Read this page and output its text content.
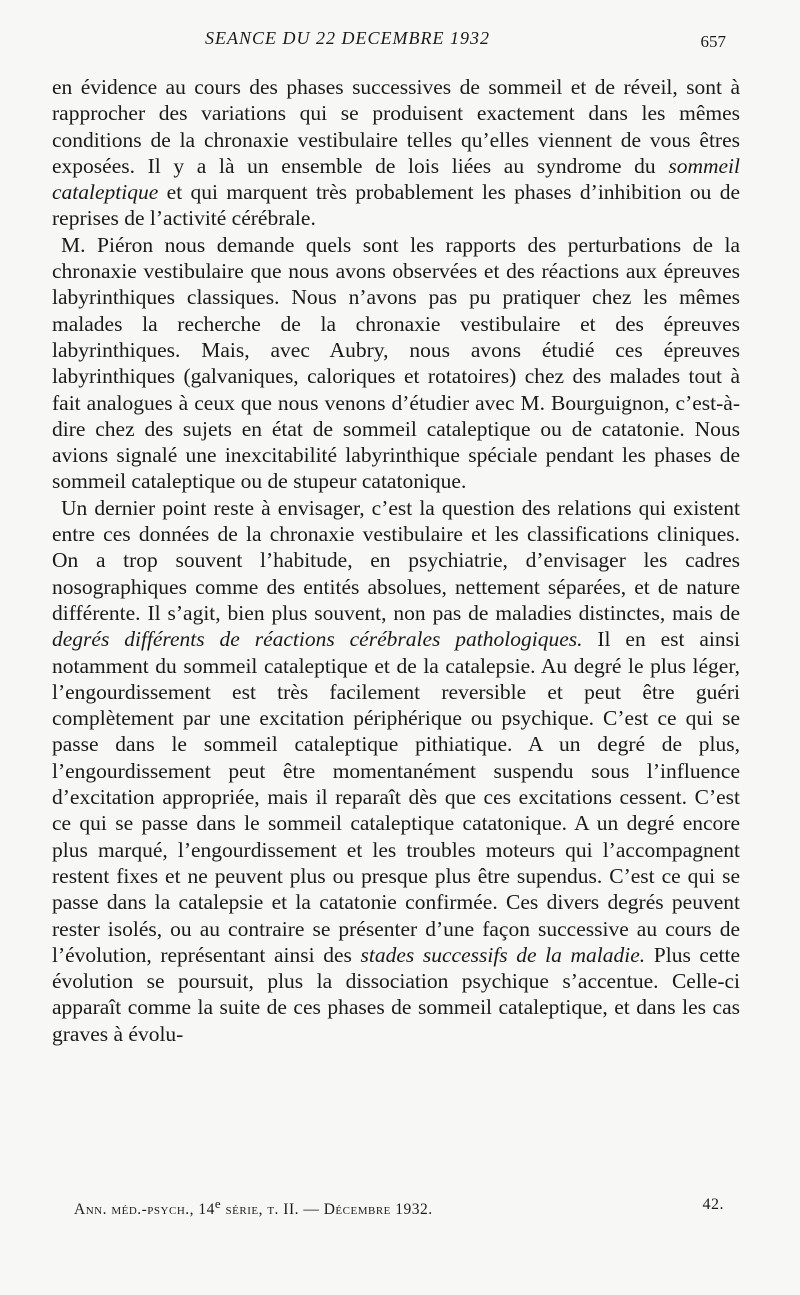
SEANCE DU 22 DECEMBRE 1932	657

en évidence au cours des phases successives de sommeil et de réveil, sont à rapprocher des variations qui se produisent exactement dans les mêmes conditions de la chronaxie vestibulaire telles qu’elles viennent de vous êtres exposées. Il y a là un ensemble de lois liées au syndrome du sommeil cataleptique et qui marquent très probablement les phases d’inhibition ou de reprises de l’activité cérébrale.

M. Piéron nous demande quels sont les rapports des perturbations de la chronaxie vestibulaire que nous avons observées et des réactions aux épreuves labyrinthiques classiques. Nous n’avons pas pu pratiquer chez les mêmes malades la recherche de la chronaxie vestibulaire et des épreuves labyrinthiques. Mais, avec Aubry, nous avons étudié ces épreuves labyrinthiques (galvaniques, caloriques et rotatoires) chez des malades tout à fait analogues à ceux que nous venons d’étudier avec M. Bourguignon, c’est-à-dire chez des sujets en état de sommeil cataleptique ou de catatonie. Nous avions signalé une inexcitabilité labyrinthique spéciale pendant les phases de sommeil cataleptique ou de stupeur catatonique.

Un dernier point reste à envisager, c’est la question des relations qui existent entre ces données de la chronaxie vestibulaire et les classifications cliniques. On a trop souvent l’habitude, en psychiatrie, d’envisager les cadres nosographiques comme des entités absolues, nettement séparées, et de nature différente. Il s’agit, bien plus souvent, non pas de maladies distinctes, mais de degrés différents de réactions cérébrales pathologiques. Il en est ainsi notamment du sommeil cataleptique et de la catalepsie. Au degré le plus léger, l’engourdissement est très facilement reversible et peut être guéri complètement par une excitation périphérique ou psychique. C’est ce qui se passe dans le sommeil cataleptique pithiatique. A un degré de plus, l’engourdissement peut être momentanément suspendu sous l’influence d’excitation appropriée, mais il reparaît dès que ces excitations cessent. C’est ce qui se passe dans le sommeil cataleptique catatonique. A un degré encore plus marqué, l’engourdissement et les troubles moteurs qui l’accompagnent restent fixes et ne peuvent plus ou presque plus être supendus. C’est ce qui se passe dans la catalepsie et la catatonie confirmée. Ces divers degrés peuvent rester isolés, ou au contraire se présenter d’une façon successive au cours de l’évolution, représentant ainsi des stades successifs de la maladie. Plus cette évolution se poursuit, plus la dissociation psychique s’accentue. Celle-ci apparaît comme la suite de ces phases de sommeil cataleptique, et dans les cas graves à évolu-

Ann. méd.-psych., 14e série, t. II. — Décembre 1932.	42.
